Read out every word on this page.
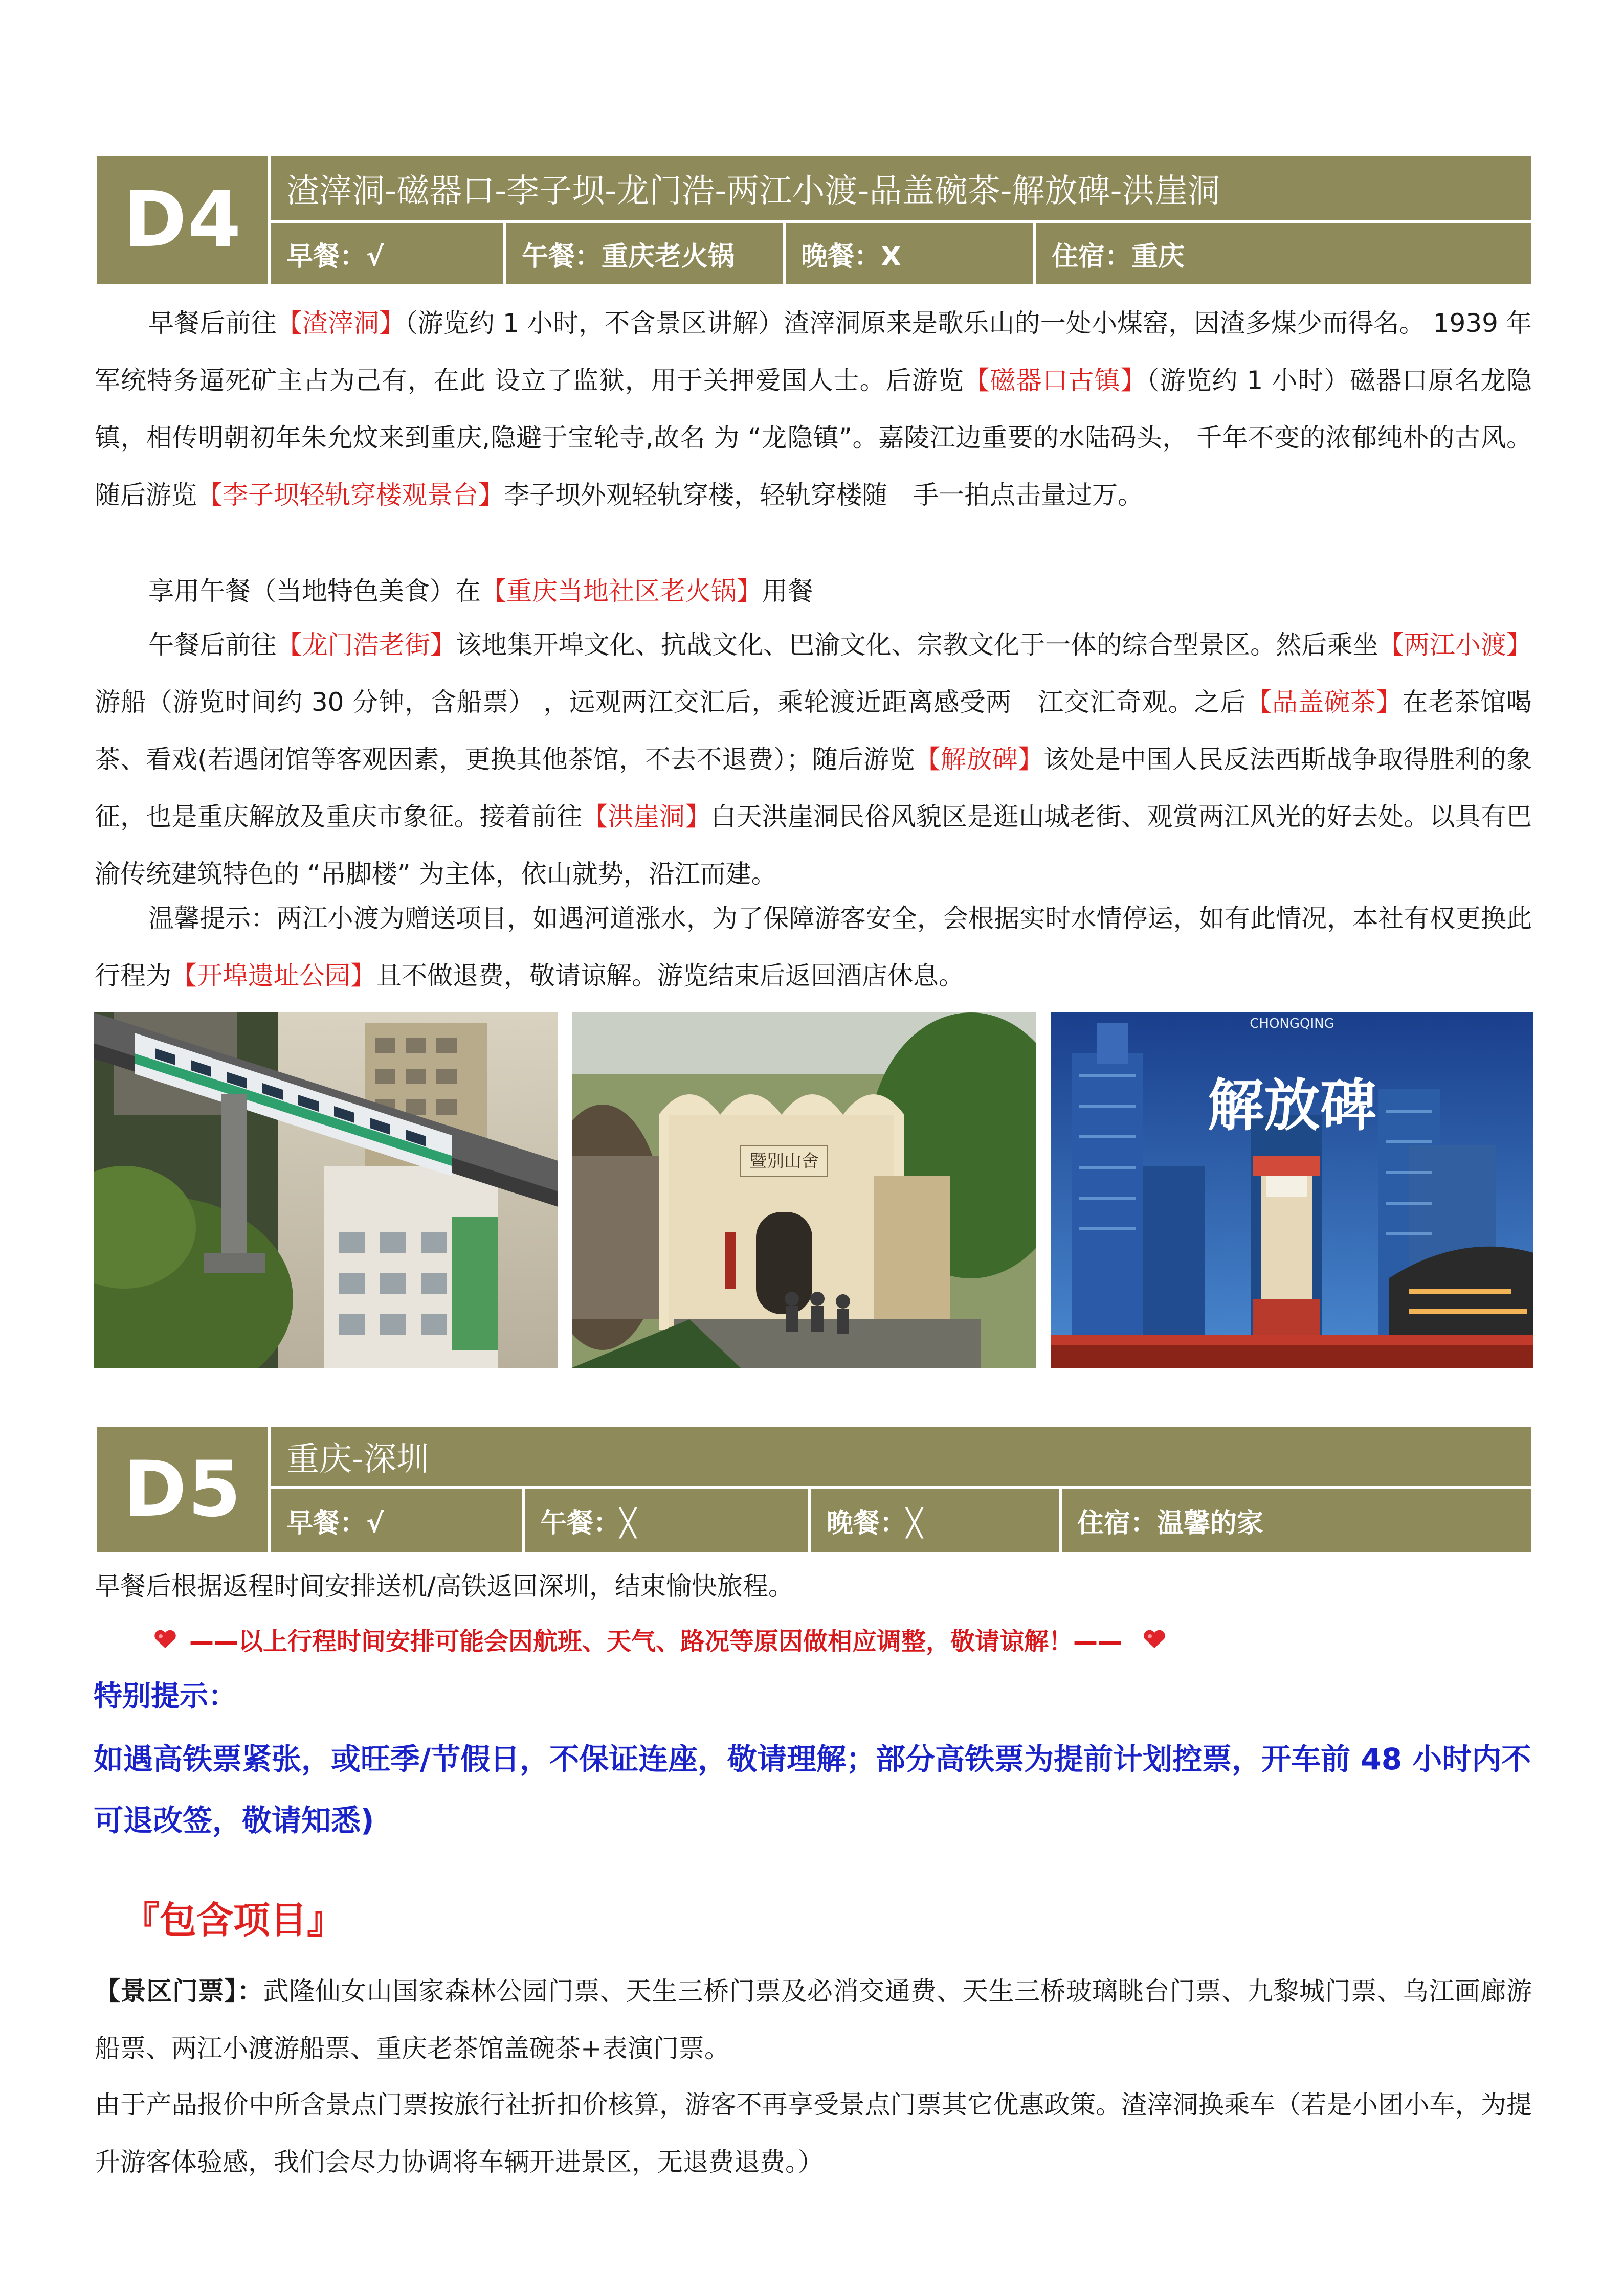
D4	渣滓洞-磁器口-李子坝-龙门浩-两江小渡-品盖碗茶-解放碑-洪崖洞
早餐：√	午餐：重庆老火锅	晚餐：X	住宿：重庆

早餐后前往【渣滓洞】（游览约 1 小时，不含景区讲解）渣滓洞原来是歌乐山的一处小煤窑，因渣多煤少而得名。 1939 年军统特务逼死矿主占为己有，在此 设立了监狱，用于关押爱国人士。后游览【磁器口古镇】（游览约 1 小时）磁器口原名龙隐镇，相传明朝初年朱允炆来到重庆,隐避于宝轮寺,故名 为 “龙隐镇”。嘉陵江边重要的水陆码头， 千年不变的浓郁纯朴的古风。随后游览【李子坝轻轨穿楼观景台】李子坝外观轻轨穿楼，轻轨穿楼随　手一拍点击量过万。

享用午餐（当地特色美食）在【重庆当地社区老火锅】用餐

午餐后前往【龙门浩老街】该地集开埠文化、抗战文化、巴渝文化、宗教文化于一体的综合型景区。然后乘坐【两江小渡】游船（游览时间约 30 分钟，含船票） ，远观两江交汇后，乘轮渡近距离感受两　江交汇奇观。之后【品盖碗茶】在老茶馆喝茶、看戏(若遇闭馆等客观因素，更换其他茶馆，不去不退费）；随后游览【解放碑】该处是中国人民反法西斯战争取得胜利的象征，也是重庆解放及重庆市象征。接着前往【洪崖洞】白天洪崖洞民俗风貌区是逛山城老街、观赏两江风光的好去处。以具有巴渝传统建筑特色的 “吊脚楼” 为主体，依山就势，沿江而建。

温馨提示：两江小渡为赠送项目，如遇河道涨水，为了保障游客安全，会根据实时水情停运，如有此情况，本社有权更换此行程为【开埠遗址公园】且不做退费，敬请谅解。游览结束后返回酒店休息。

暨别山舍
CHONGQING
解放碑
D5	重庆-深圳
早餐：√	午餐：╳	晚餐：╳	住宿：温馨的家

早餐后根据返程时间安排送机/高铁返回深圳，结束愉快旅程。

——以上行程时间安排可能会因航班、天气、路况等原因做相应调整，敬请谅解！——
特别提示：
如遇高铁票紧张，或旺季/节假日，不保证连座，敬请理解；部分高铁票为提前计划控票，开车前 48 小时内不可退改签，敬请知悉)
『包含项目』

【景区门票】：武隆仙女山国家森林公园门票、天生三桥门票及必消交通费、天生三桥玻璃眺台门票、九黎城门票、乌江画廊游船票、两江小渡游船票、重庆老茶馆盖碗茶+表演门票。

由于产品报价中所含景点门票按旅行社折扣价核算，游客不再享受景点门票其它优惠政策。渣滓洞换乘车（若是小团小车，为提升游客体验感，我们会尽力协调将车辆开进景区，无退费退费。）
